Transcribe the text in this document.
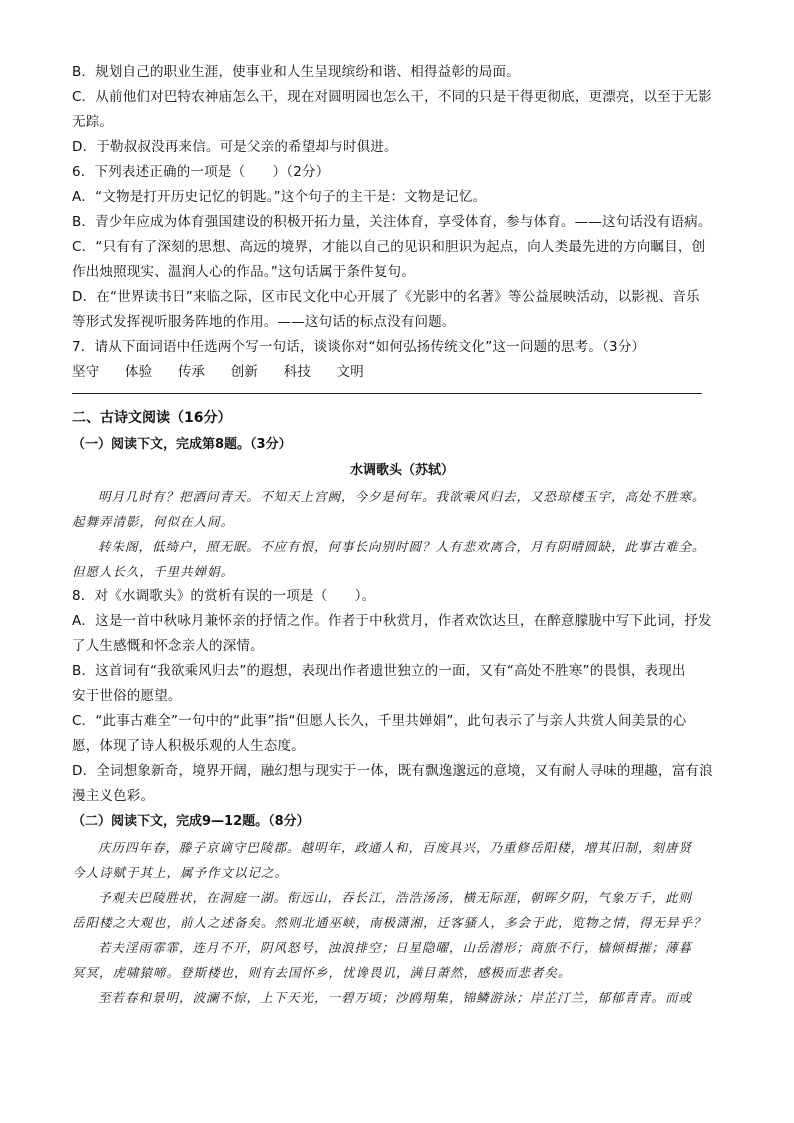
B．规划自己的职业生涯，使事业和人生呈现缤纷和谐、相得益彰的局面。
C．从前他们对巴特农神庙怎么干，现在对圆明园也怎么干，不同的只是干得更彻底，更漂亮，以至于无影
无踪。
D．于勒叔叔没再来信。可是父亲的希望却与时俱进。
6．下列表述正确的一项是（　　）（2分）
A．“文物是打开历史记忆的钥匙。”这个句子的主干是：文物是记忆。
B．青少年应成为体育强国建设的积极开拓力量，关注体育，享受体育，参与体育。——这句话没有语病。
C．“只有有了深刻的思想、高远的境界，才能以自己的见识和胆识为起点，向人类最先进的方向瞩目，创
作出烛照现实、温润人心的作品。”这句话属于条件复句。
D．在“世界读书日”来临之际，区市民文化中心开展了《光影中的名著》等公益展映活动，以影视、音乐
等形式发挥视听服务阵地的作用。——这句话的标点没有问题。
7．请从下面词语中任选两个写一句话，谈谈你对“如何弘扬传统文化”这一问题的思考。（3分）
坚守 体验 传承 创新 科技 文明
二、古诗文阅读（16分）
（一）阅读下文，完成第8题。（3分）
水调歌头（苏轼）
明月几时有？把酒问青天。不知天上宫阙，今夕是何年。我欲乘风归去，又恐琼楼玉宇，高处不胜寒。
起舞弄清影，何似在人间。
转朱阁，低绮户，照无眠。不应有恨，何事长向别时圆？人有悲欢离合，月有阴晴圆缺，此事古难全。
但愿人长久，千里共婵娟。
8．对《水调歌头》的赏析有误的一项是（　　）。
A．这是一首中秋咏月兼怀亲的抒情之作。作者于中秋赏月，作者欢饮达旦，在醉意朦胧中写下此词，抒发
了人生感慨和怀念亲人的深情。
B．这首词有“我欲乘风归去”的遐想，表现出作者遗世独立的一面，又有“高处不胜寒”的畏惧，表现出
安于世俗的愿望。
C．“此事古难全”一句中的“此事”指“但愿人长久，千里共婵娟”，此句表示了与亲人共赏人间美景的心
愿，体现了诗人积极乐观的人生态度。
D．全词想象新奇，境界开阔，融幻想与现实于一体，既有飘逸邈远的意境，又有耐人寻味的理趣，富有浪
漫主义色彩。
（二）阅读下文，完成9—12题。（8分）
庆历四年春，滕子京谪守巴陵郡。越明年，政通人和，百废具兴，乃重修岳阳楼，增其旧制，刻唐贤
今人诗赋于其上，属予作文以记之。
予观夫巴陵胜状，在洞庭一湖。衔远山，吞长江，浩浩汤汤，横无际涯，朝晖夕阴，气象万千，此则
岳阳楼之大观也，前人之述备矣。然则北通巫峡，南极潇湘，迁客骚人，多会于此，览物之情，得无异乎？
若夫淫雨霏霏，连月不开，阴风怒号，浊浪排空；日星隐曜，山岳潜形；商旅不行，樯倾楫摧；薄暮
冥冥，虎啸猿啼。登斯楼也，则有去国怀乡，忧谗畏讥，满目萧然，感极而悲者矣。
至若春和景明，波澜不惊，上下天光，一碧万顷；沙鸥翔集，锦鳞游泳；岸芷汀兰，郁郁青青。而或
